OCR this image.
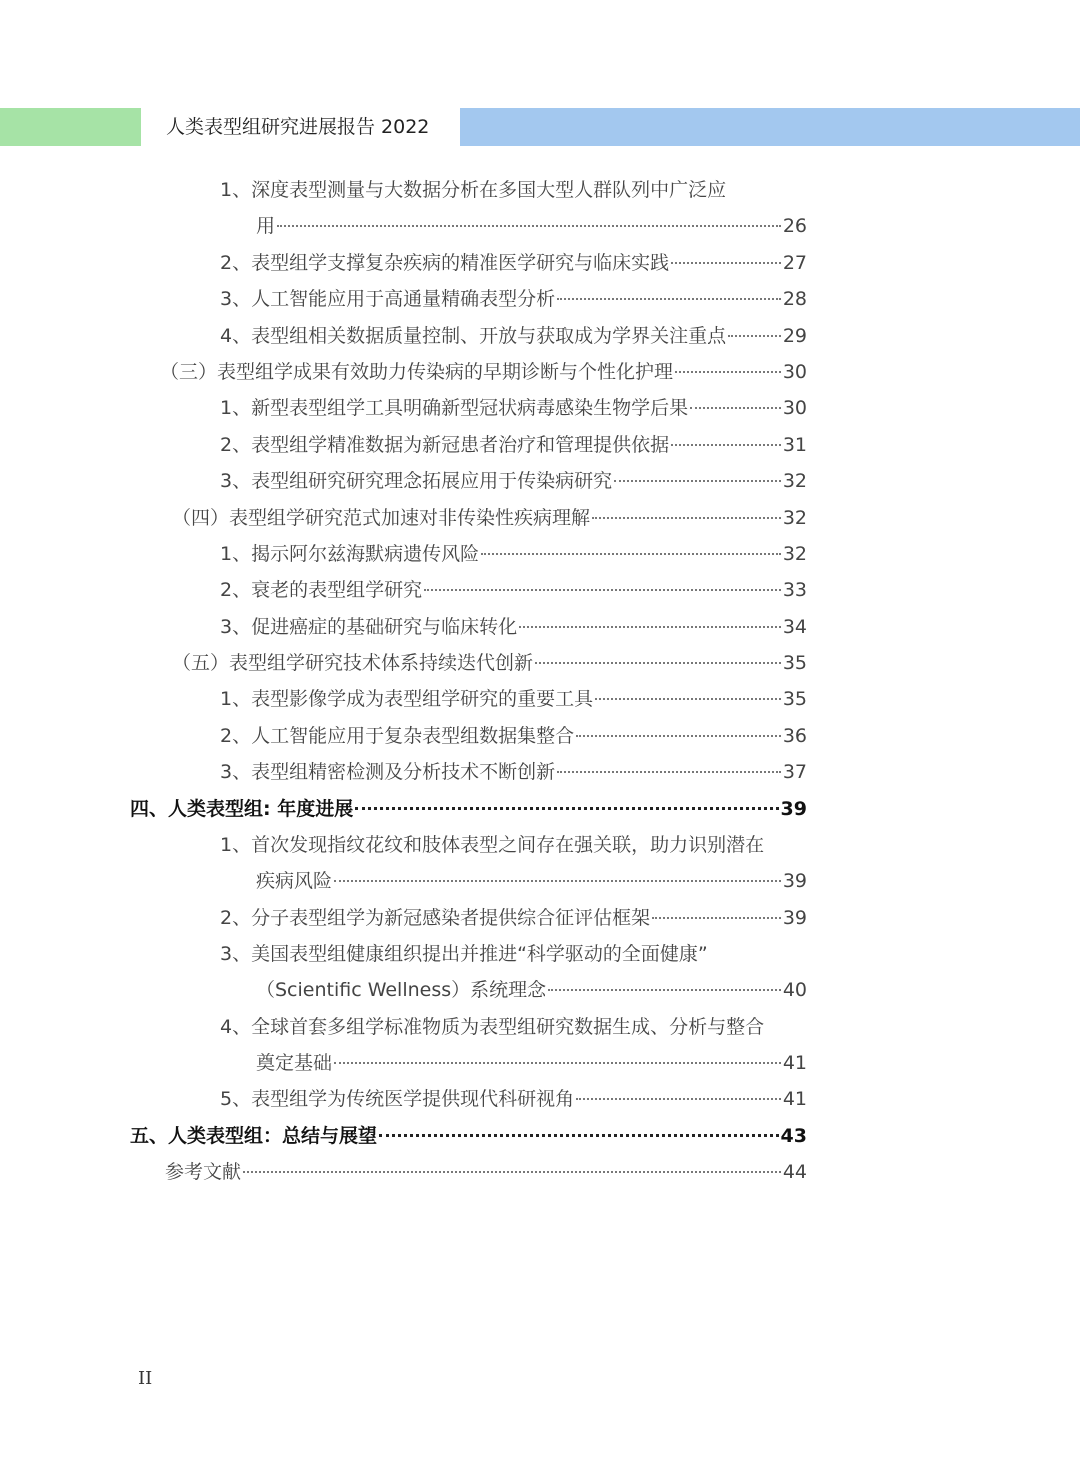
人类表型组研究进展报告 2022
1、深度表型测量与大数据分析在多国大型人群队列中广泛应
用	26
2、表型组学支撑复杂疾病的精准医学研究与临床实践	27
3、人工智能应用于高通量精确表型分析	28
4、表型组相关数据质量控制、开放与获取成为学界关注重点	29
（三）表型组学成果有效助力传染病的早期诊断与个性化护理	30
1、新型表型组学工具明确新型冠状病毒感染生物学后果	30
2、表型组学精准数据为新冠患者治疗和管理提供依据	31
3、表型组研究研究理念拓展应用于传染病研究	32
（四）表型组学研究范式加速对非传染性疾病理解	32
1、揭示阿尔兹海默病遗传风险	32
2、衰老的表型组学研究	33
3、促进癌症的基础研究与临床转化	34
（五）表型组学研究技术体系持续迭代创新	35
1、表型影像学成为表型组学研究的重要工具	35
2、人工智能应用于复杂表型组数据集整合	36
3、表型组精密检测及分析技术不断创新	37
四、人类表型组: 年度进展	39
1、首次发现指纹花纹和肢体表型之间存在强关联，助力识别潜在
疾病风险	39
2、分子表型组学为新冠感染者提供综合征评估框架	39
3、美国表型组健康组织提出并推进“科学驱动的全面健康”
（Scientific Wellness）系统理念	40
4、全球首套多组学标准物质为表型组研究数据生成、分析与整合
奠定基础	41
5、表型组学为传统医学提供现代科研视角	41
五、人类表型组：总结与展望	43
参考文献	44
II
